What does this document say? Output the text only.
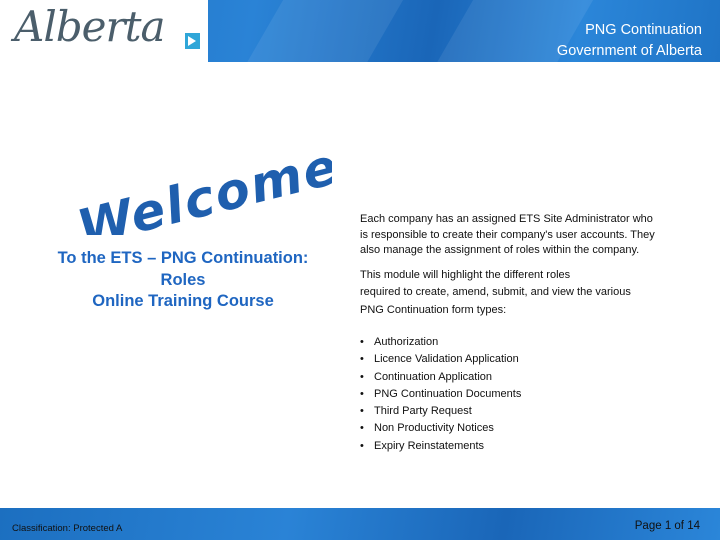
Alberta	PNG Continuation
Government of Alberta
Welcome!
To the ETS – PNG Continuation:
Roles
Online Training Course

Each company has an assigned ETS Site Administrator who is responsible to create their company's user accounts. They also manage the assignment of roles within the company.

This module will highlight the different roles
required to create, amend, submit, and view the various
PNG Continuation form types:
• Authorization
• Licence Validation Application
• Continuation Application
• PNG Continuation Documents
• Third Party Request
• Non Productivity Notices
• Expiry Reinstatements
Classification: Protected A	Page 1 of 14
